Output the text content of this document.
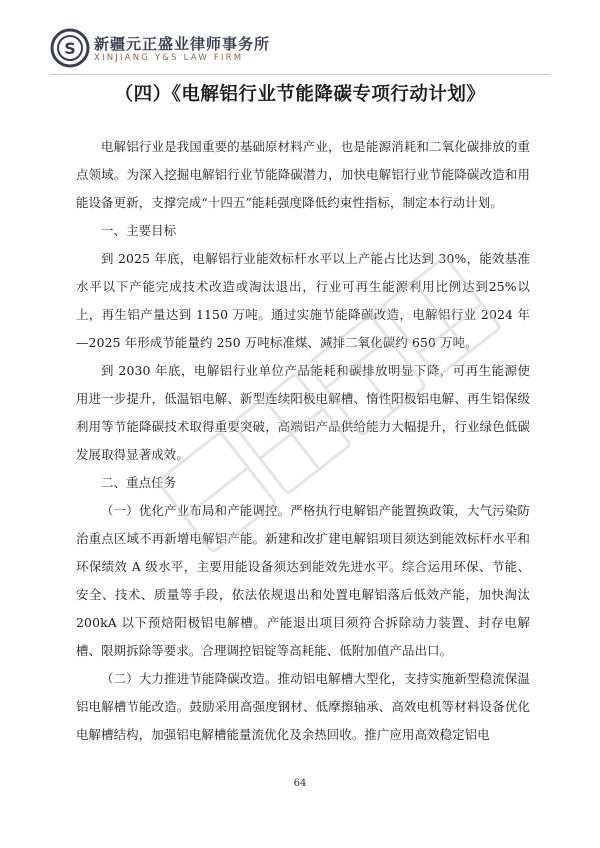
S 新疆元正盛业律师事务所
XINJIANG Y&S LAW FIRM
（四）《电解铝行业节能降碳专项行动计划》

电解铝行业是我国重要的基础原材料产业，也是能源消耗和二氧化碳排放的重点领域。为深入挖掘电解铝行业节能降碳潜力，加快电解铝行业节能降碳改造和用能设备更新，支撑完成“十四五”能耗强度降低约束性指标，制定本行动计划。

一、主要目标

到 2025 年底，电解铝行业能效标杆水平以上产能占比达到 30%，能效基准水平以下产能完成技术改造或淘汰退出，行业可再生能源利用比例达到25%以上，再生铝产量达到 1150 万吨。通过实施节能降碳改造，电解铝行业 2024 年—2025 年形成节能量约 250 万吨标准煤、减排二氧化碳约 650 万吨。

到 2030 年底，电解铝行业单位产品能耗和碳排放明显下降，可再生能源使用进一步提升，低温铝电解、新型连续阳极电解槽、惰性阳极铝电解、再生铝保级利用等节能降碳技术取得重要突破，高端铝产品供给能力大幅提升，行业绿色低碳发展取得显著成效。

二、重点任务

（一）优化产业布局和产能调控。严格执行电解铝产能置换政策，大气污染防治重点区域不再新增电解铝产能。新建和改扩建电解铝项目须达到能效标杆水平和环保绩效 A 级水平，主要用能设备须达到能效先进水平。综合运用环保、节能、安全、技术、质量等手段，依法依规退出和处置电解铝落后低效产能，加快淘汰 200kA 以下预焙阳极铝电解槽。产能退出项目须符合拆除动力装置、封存电解槽、限期拆除等要求。合理调控铝锭等高耗能、低附加值产品出口。

（二）大力推进节能降碳改造。推动铝电解槽大型化，支持实施新型稳流保温铝电解槽节能改造。鼓励采用高强度钢材、低摩擦轴承、高效电机等材料设备优化电解槽结构，加强铝电解槽能量流优化及余热回收。推广应用高效稳定铝电

64
